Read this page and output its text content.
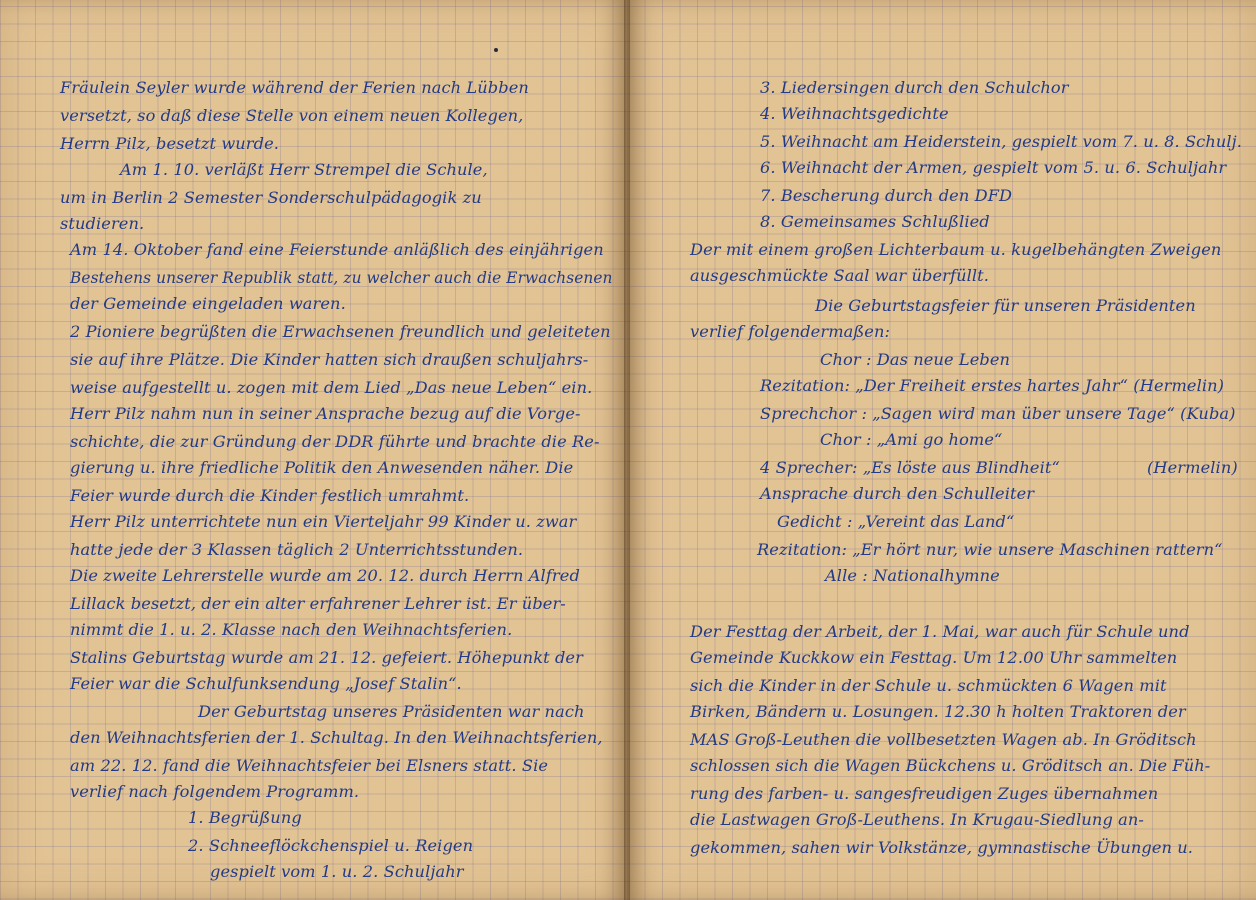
Fräulein Seyler wurde während der Ferien nach Lübben
versetzt, so daß diese Stelle von einem neuen Kollegen,
Herrn Pilz, besetzt wurde.
Am 1. 10. verläßt Herr Strempel die Schule,
um in Berlin 2 Semester Sonderschulpädagogik zu
studieren.
Am 14. Oktober fand eine Feierstunde anläßlich des einjährigen
Bestehens unserer Republik statt, zu welcher auch die Erwachsenen
der Gemeinde eingeladen waren.
2 Pioniere begrüßten die Erwachsenen freundlich und geleiteten
sie auf ihre Plätze. Die Kinder hatten sich draußen schuljahrs-
weise aufgestellt u. zogen mit dem Lied „Das neue Leben“ ein.
Herr Pilz nahm nun in seiner Ansprache bezug auf die Vorge-
schichte, die zur Gründung der DDR führte und brachte die Re-
gierung u. ihre friedliche Politik den Anwesenden näher. Die
Feier wurde durch die Kinder festlich umrahmt.
Herr Pilz unterrichtete nun ein Vierteljahr 99 Kinder u. zwar
hatte jede der 3 Klassen täglich 2 Unterrichtsstunden.
Die zweite Lehrerstelle wurde am 20. 12. durch Herrn Alfred
Lillack besetzt, der ein alter erfahrener Lehrer ist. Er über-
nimmt die 1. u. 2. Klasse nach den Weihnachtsferien.
Stalins Geburtstag wurde am 21. 12. gefeiert. Höhepunkt der
Feier war die Schulfunksendung „Josef Stalin“.
Der Geburtstag unseres Präsidenten war nach
den Weihnachtsferien der 1. Schultag. In den Weihnachtsferien,
am 22. 12. fand die Weihnachtsfeier bei Elsners statt. Sie
verlief nach folgendem Programm.
1. Begrüßung
2. Schneeflöckchenspiel u. Reigen
gespielt vom 1. u. 2. Schuljahr
3. Liedersingen durch den Schulchor
4. Weihnachtsgedichte
5. Weihnacht am Heiderstein, gespielt vom 7. u. 8. Schulj.
6. Weihnacht der Armen, gespielt vom 5. u. 6. Schuljahr
7. Bescherung durch den DFD
8. Gemeinsames Schlußlied
Der mit einem großen Lichterbaum u. kugelbehängten Zweigen
ausgeschmückte Saal war überfüllt.
Die Geburtstagsfeier für unseren Präsidenten
verlief folgendermaßen:
Chor : Das neue Leben
Rezitation: „Der Freiheit erstes hartes Jahr“ (Hermelin)
Sprechchor : „Sagen wird man über unsere Tage“ (Kuba)
Chor : „Ami go home“
4 Sprecher: „Es löste aus Blindheit“	(Hermelin)
Ansprache durch den Schulleiter
Gedicht : „Vereint das Land“
Rezitation: „Er hört nur, wie unsere Maschinen rattern“
Alle : Nationalhymne
Der Festtag der Arbeit, der 1. Mai, war auch für Schule und
Gemeinde Kuckkow ein Festtag. Um 12.00 Uhr sammelten
sich die Kinder in der Schule u. schmückten 6 Wagen mit
Birken, Bändern u. Losungen. 12.30 h holten Traktoren der
MAS Groß-Leuthen die vollbesetzten Wagen ab. In Gröditsch
schlossen sich die Wagen Bückchens u. Gröditsch an. Die Füh-
rung des farben- u. sangesfreudigen Zuges übernahmen
die Lastwagen Groß-Leuthens. In Krugau-Siedlung an-
gekommen, sahen wir Volkstänze, gymnastische Übungen u.
